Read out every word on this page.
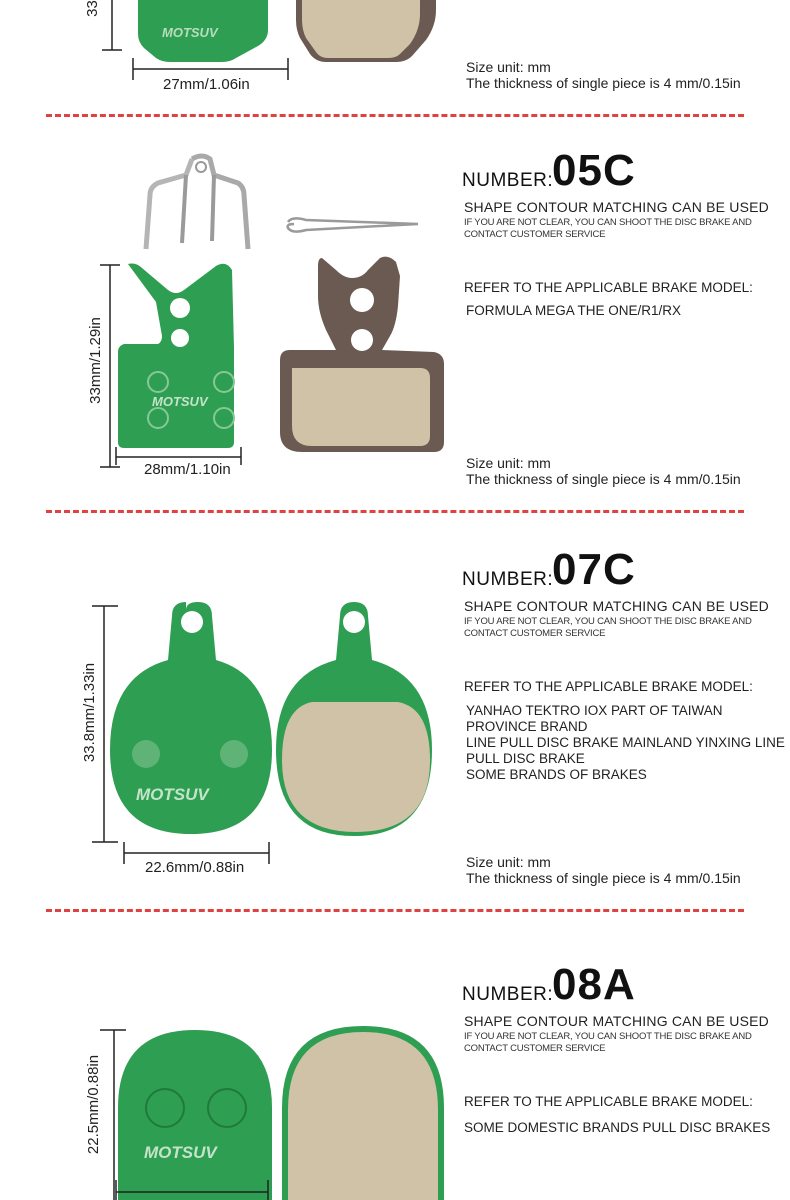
33
MOTSUV
27mm/1.06in
Size unit: mm
The thickness of single piece is 4 mm/0.15in
33mm/1.29in	MOTSUV
28mm/1.10in
NUMBER:
05C
SHAPE CONTOUR MATCHING CAN BE USED
IF YOU ARE NOT CLEAR, YOU CAN SHOOT THE DISC BRAKE AND
CONTACT CUSTOMER SERVICE
REFER TO THE APPLICABLE BRAKE MODEL:
FORMULA MEGA THE ONE/R1/RX
Size unit: mm
The thickness of single piece is 4 mm/0.15in
33.8mm/1.33in
MOTSUV
22.6mm/0.88in
NUMBER:
07C
SHAPE CONTOUR MATCHING CAN BE USED
IF YOU ARE NOT CLEAR, YOU CAN SHOOT THE DISC BRAKE AND
CONTACT CUSTOMER SERVICE
REFER TO THE APPLICABLE BRAKE MODEL:
YANHAO TEKTRO IOX PART OF TAIWAN
PROVINCE BRAND
LINE PULL DISC BRAKE MAINLAND YINXING LINE
PULL DISC BRAKE
SOME BRANDS OF BRAKES
Size unit: mm
The thickness of single piece is 4 mm/0.15in
22.5mm/0.88in MOTSUV
NUMBER:
08A
SHAPE CONTOUR MATCHING CAN BE USED
IF YOU ARE NOT CLEAR, YOU CAN SHOOT THE DISC BRAKE AND
CONTACT CUSTOMER SERVICE
REFER TO THE APPLICABLE BRAKE MODEL:
SOME DOMESTIC BRANDS PULL DISC BRAKES
